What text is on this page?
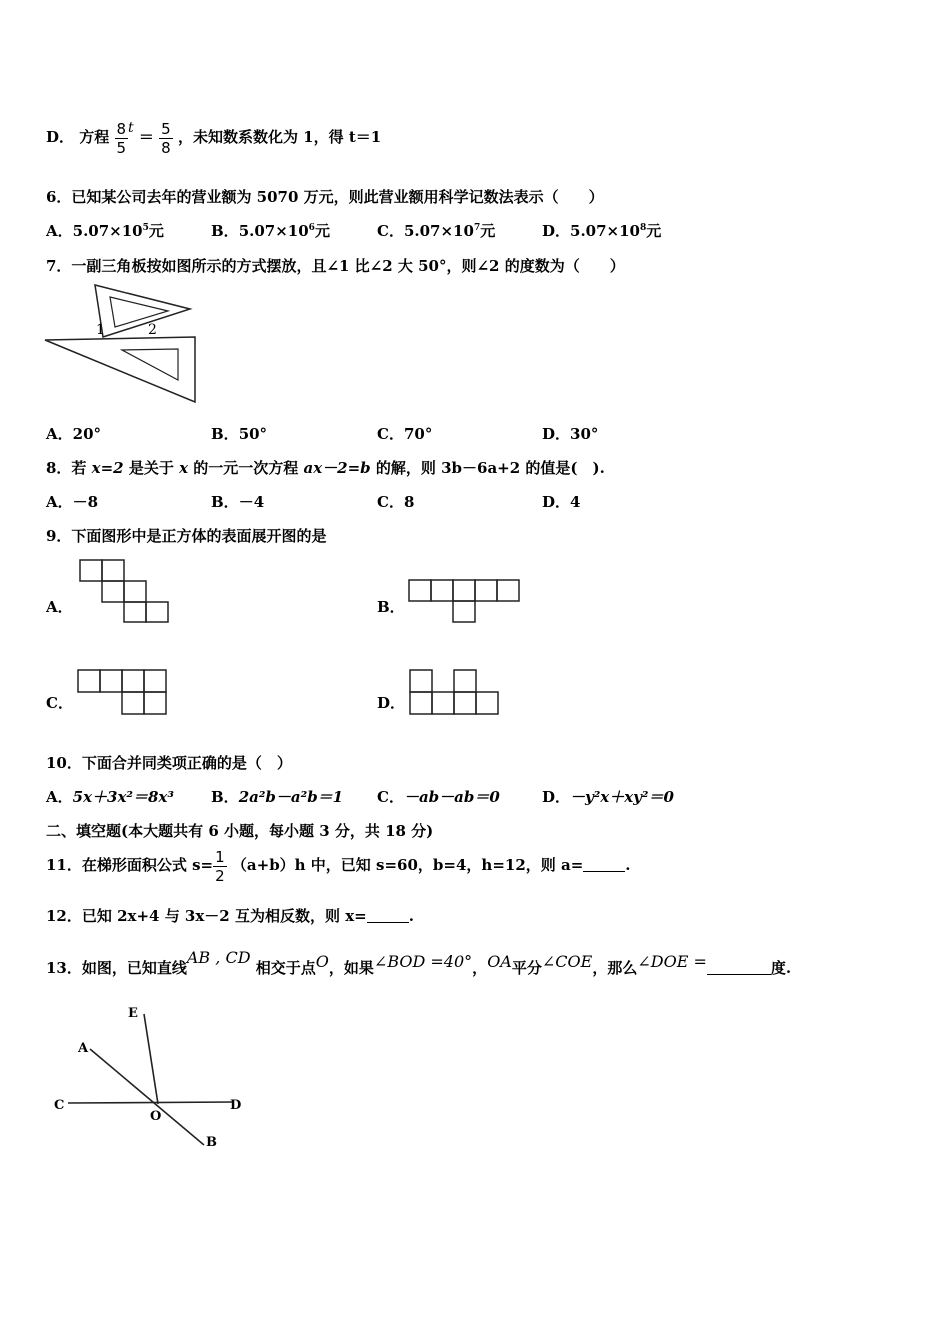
D． 方程 $\frac{8}{5}$ $t = \frac{5}{8}$ ，未知数系数化为 1，得 t＝1
6．已知某公司去年的营业额为 5070 万元，则此营业额用科学记数法表示（　　）
A．$5.07\times 10^5$元	B．$5.07\times 10^6$元	C．$5.07\times 10^7$元	D．$5.07\times 10^8$元
7．一副三角板按如图所示的方式摆放，且∠1 比∠2 大 50°，则∠2 的度数为（　　）
1	2
A．20°	B．50°	C．70°	D．30°
8．若 x=2 是关于 x 的一元一次方程 ax－2=b 的解，则 3b－6a+2 的值是(　).
A．－8	B．－4	C．8	D．4
9．下面图形中是正方体的表面展开图的是
A．	B．
C．	D．
10．下面合并同类项正确的是（　）
A．5x＋3x²＝8x³ B．2a²b－a²b＝1 C．－ab－ab＝0	D．－y²x＋xy²＝0
二、填空题(本大题共有 6 小题，每小题 3 分，共 18 分)
11．在梯形面积公式 $s= \frac{1}{2} (a+b)h$ 中，已知 s=60，b=4，h=12，则 a=	.
12．已知 2x+4 与 3x－2 互为相反数，则 x=	.
13．如图，已知直线AB , CD 相交于点O，如果∠BOD =40°，OA平分∠COE，那么∠DOE =	度.
E
A
C
O
D
B
